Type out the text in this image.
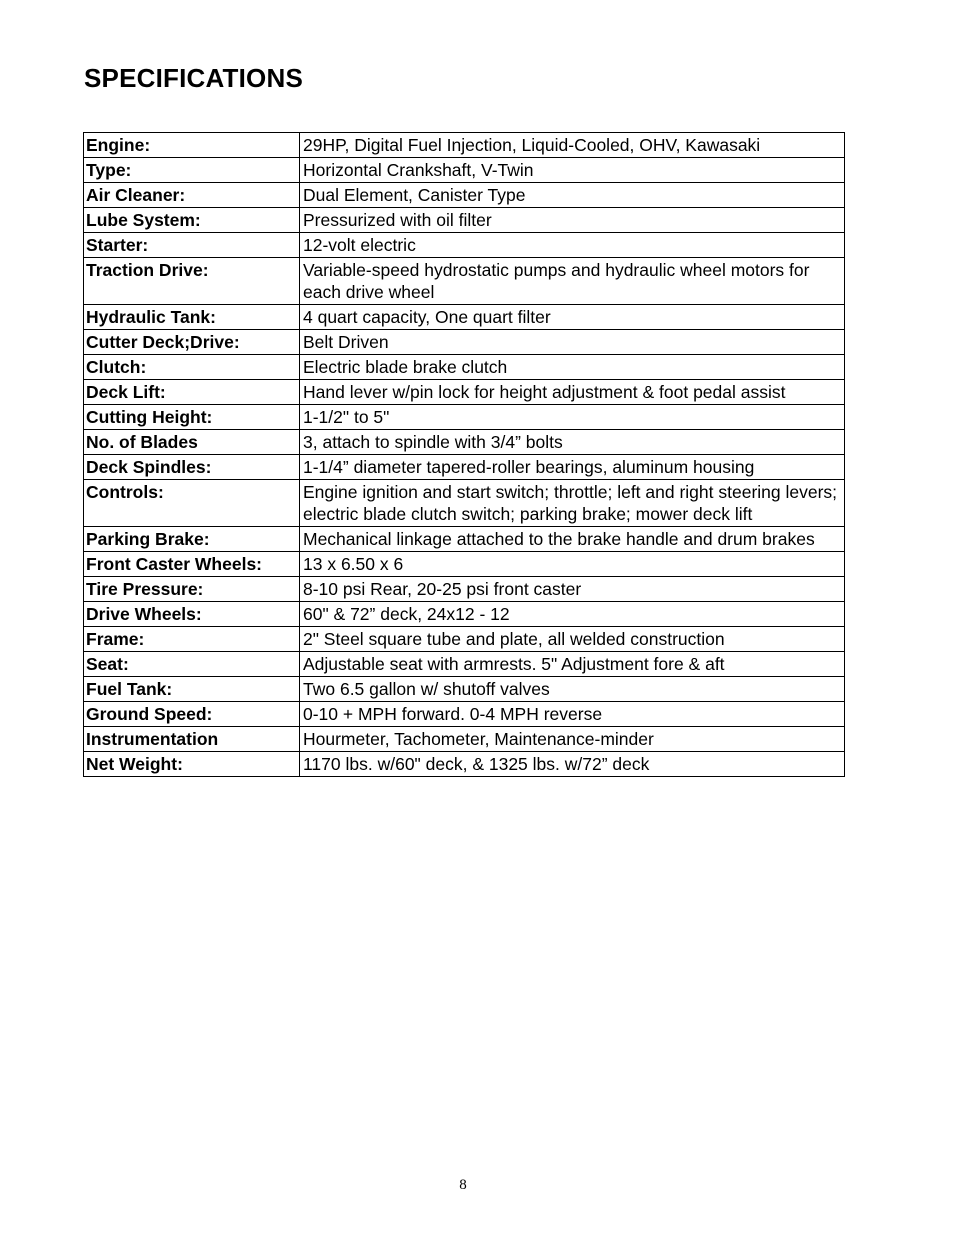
SPECIFICATIONS
Engine:	29HP, Digital Fuel Injection, Liquid-Cooled, OHV, Kawasaki
Type:	Horizontal Crankshaft, V-Twin
Air Cleaner:	Dual Element, Canister Type
Lube System:	Pressurized with oil filter
Starter:	12-volt electric
Traction Drive:	Variable-speed hydrostatic pumps and hydraulic wheel motors for each drive wheel
Hydraulic Tank:	4 quart capacity, One quart filter
Cutter Deck;Drive:	Belt Driven
Clutch:	Electric blade brake clutch
Deck Lift:	Hand lever w/pin lock for height adjustment & foot pedal assist
Cutting Height:	1-1/2" to 5"
No. of Blades	3, attach to spindle with 3/4” bolts
Deck Spindles:	1-1/4” diameter tapered-roller bearings, aluminum housing
Controls:	Engine ignition and start switch; throttle; left and right steering levers; electric blade clutch switch; parking brake; mower deck lift
Parking Brake:	Mechanical linkage attached to the brake handle and drum brakes
Front Caster Wheels:	13 x 6.50 x 6
Tire Pressure:	8-10 psi Rear, 20-25 psi front caster
Drive Wheels:	60" & 72” deck, 24x12 - 12
Frame:	2" Steel square tube and plate, all welded construction
Seat:	Adjustable seat with armrests. 5" Adjustment fore & aft
Fuel Tank:	Two 6.5 gallon w/ shutoff valves
Ground Speed:	0-10 + MPH forward. 0-4 MPH reverse
Instrumentation	Hourmeter, Tachometer, Maintenance-minder
Net Weight:	1170 lbs. w/60" deck, & 1325 lbs. w/72” deck
8
